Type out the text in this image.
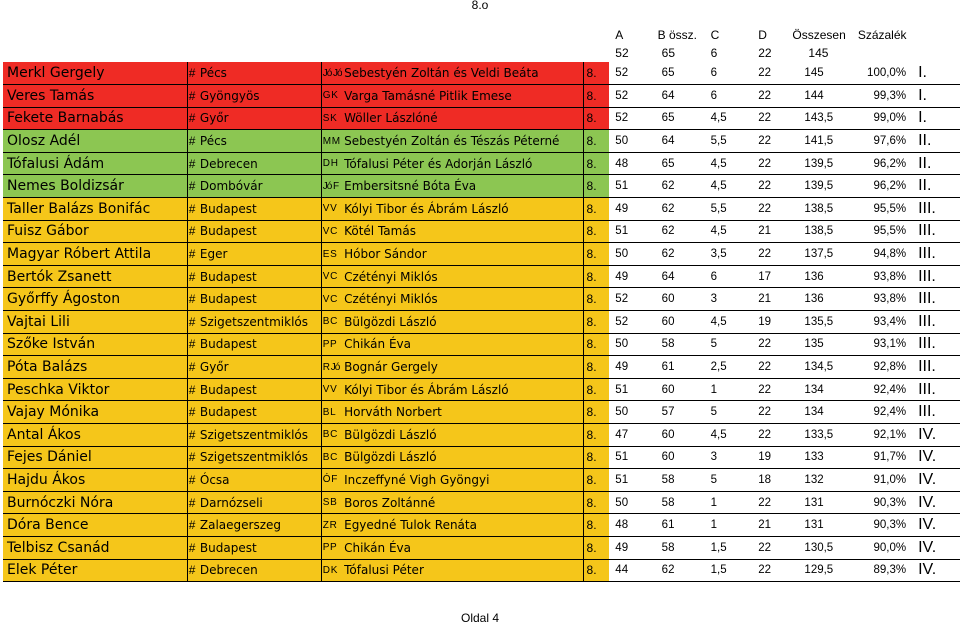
8.o
						A	B össz.	C	D	Összesen	Százalék	
						52	65	6	22	145		
Merkl Gergely	#	Pécs	Jó Jó	Sebestyén Zoltán és Veldi Beáta	8.	52	65	6	22	145	100,0%	I.
Veres Tamás	#	Gyöngyös	G K	Varga Tamásné Pitlik Emese	8.	52	64	6	22	144	99,3%	I.
Fekete Barnabás	#	Győr	S K	Wöller Lászlóné	8.	52	65	4,5	22	143,5	99,0%	I.
Olosz Adél	#	Pécs	M M	Sebestyén Zoltán és Tészás Péterné	8.	50	64	5,5	22	141,5	97,6%	II.
Tófalusi Ádám	#	Debrecen	D H	Tófalusi Péter és Adorján László	8.	48	65	4,5	22	139,5	96,2%	II.
Nemes Boldizsár	#	Dombóvár	Jó F	Embersitsné Bóta Éva	8.	51	62	4,5	22	139,5	96,2%	II.
Taller Balázs Bonifác	#	Budapest	V V	Kólyi Tibor és Ábrám László	8.	49	62	5,5	22	138,5	95,5%	III.
Fuisz Gábor	#	Budapest	V C	Kötél Tamás	8.	51	62	4,5	21	138,5	95,5%	III.
Magyar Róbert Attila	#	Eger	E S	Hóbor Sándor	8.	50	62	3,5	22	137,5	94,8%	III.
Bertók Zsanett	#	Budapest	V C	Czétényi Miklós	8.	49	64	6	17	136	93,8%	III.
Győrffy Ágoston	#	Budapest	V C	Czétényi Miklós	8.	52	60	3	21	136	93,8%	III.
Vajtai Lili	#	Szigetszentmiklós	B C	Bülgözdi László	8.	52	60	4,5	19	135,5	93,4%	III.
Szőke István	#	Budapest	P P	Chikán Éva	8.	50	58	5	22	135	93,1%	III.
Póta Balázs	#	Győr	R Jó	Bognár Gergely	8.	49	61	2,5	22	134,5	92,8%	III.
Peschka Viktor	#	Budapest	V V	Kólyi Tibor és Ábrám László	8.	51	60	1	22	134	92,4%	III.
Vajay Mónika	#	Budapest	B L	Horváth Norbert	8.	50	57	5	22	134	92,4%	III.
Antal Ákos	#	Szigetszentmiklós	B C	Bülgözdi László	8.	47	60	4,5	22	133,5	92,1%	IV.
Fejes Dániel	#	Szigetszentmiklós	B C	Bülgözdi László	8.	51	60	3	19	133	91,7%	IV.
Hajdu Ákos	#	Ócsa	Ó F	Inczeffyné Vigh Gyöngyi	8.	51	58	5	18	132	91,0%	IV.
Burnóczki Nóra	#	Darnózseli	S B	Boros Zoltánné	8.	50	58	1	22	131	90,3%	IV.
Dóra Bence	#	Zalaegerszeg	Z R	Egyedné Tulok Renáta	8.	48	61	1	21	131	90,3%	IV.
Telbisz Csanád	#	Budapest	P P	Chikán Éva	8.	49	58	1,5	22	130,5	90,0%	IV.
Elek Péter	#	Debrecen	D K	Tófalusi Péter	8.	44	62	1,5	22	129,5	89,3%	IV.
Oldal 4
